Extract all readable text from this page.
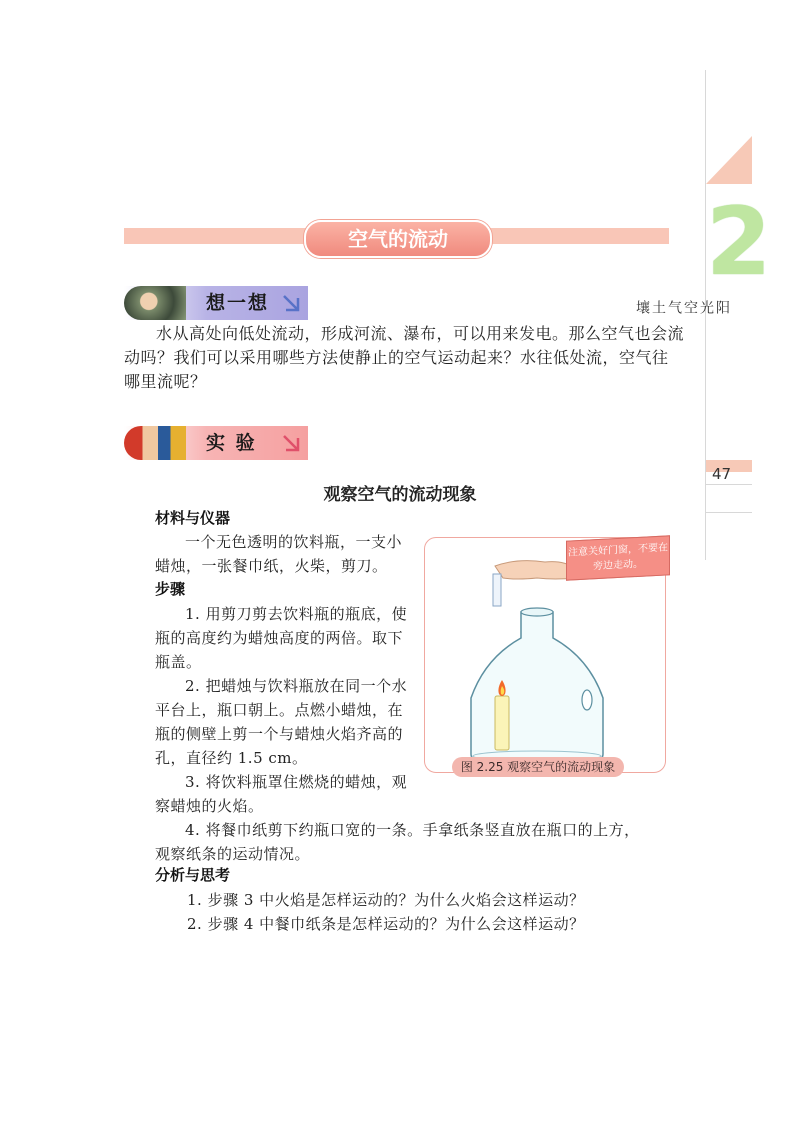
2
阳
光
空
气
土
壤
47
空气的流动
想一想
水从高处向低处流动，形成河流、瀑布，可以用来发电。那么空气也会流动吗？我们可以采用哪些方法使静止的空气运动起来？水往低处流，空气往哪里流呢？
实 验
观察空气的流动现象
材料与仪器
一个无色透明的饮料瓶，一支小蜡烛，一张餐巾纸，火柴，剪刀。
步骤
1. 用剪刀剪去饮料瓶的瓶底，使瓶的高度约为蜡烛高度的两倍。取下瓶盖。
2. 把蜡烛与饮料瓶放在同一个水平台上，瓶口朝上。点燃小蜡烛，在瓶的侧壁上剪一个与蜡烛火焰齐高的孔，直径约 1.5 cm。
3. 将饮料瓶罩住燃烧的蜡烛，观察蜡烛的火焰。
4. 将餐巾纸剪下约瓶口宽的一条。手拿纸条竖直放在瓶口的上方，观察纸条的运动情况。
分析与思考
1. 步骤 3 中火焰是怎样运动的？为什么火焰会这样运动？
2. 步骤 4 中餐巾纸条是怎样运动的？为什么会这样运动？
注意关好门窗，不要在旁边走动。
图 2.25 观察空气的流动现象
